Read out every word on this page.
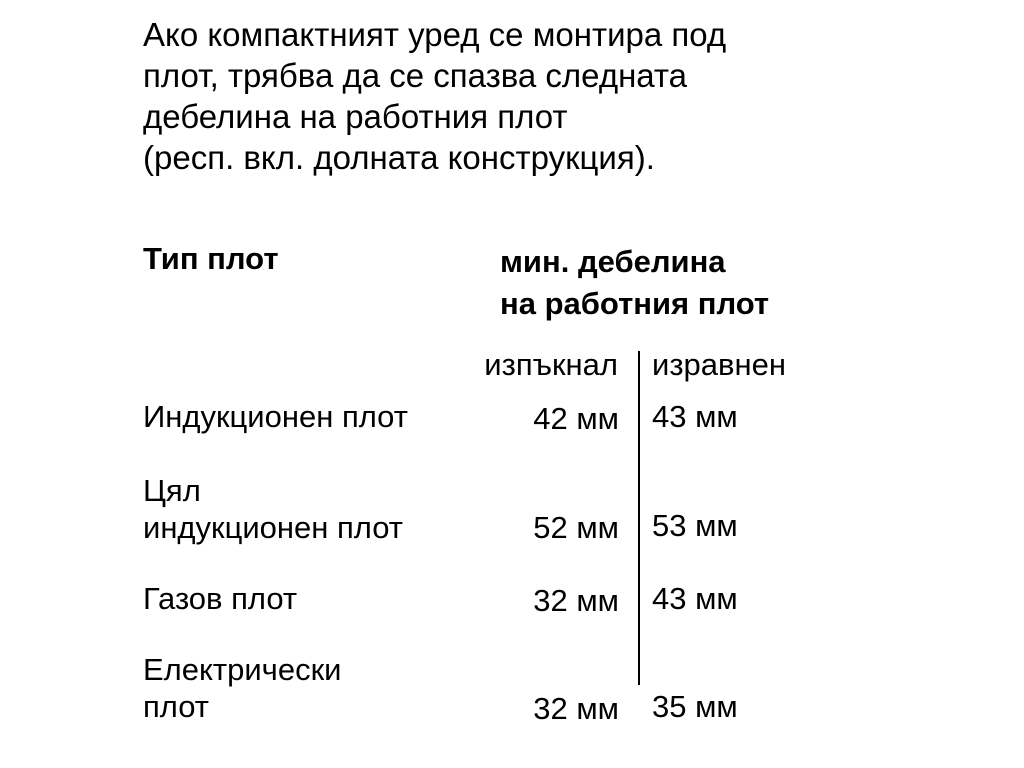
Ако компактният уред се монтира под
плот, трябва да се спазва следната
дебелина на работния плот
(респ. вкл. долната конструкция).
Тип плот	мин. дебелина
на работния плот
изпъкнал изравнен
Индукционен плот	42 мм 43 мм
Цял
индукционен плот	52 мм 53 мм
Газов плот	32 мм 43 мм
Електрически
плот	32 мм 35 мм
